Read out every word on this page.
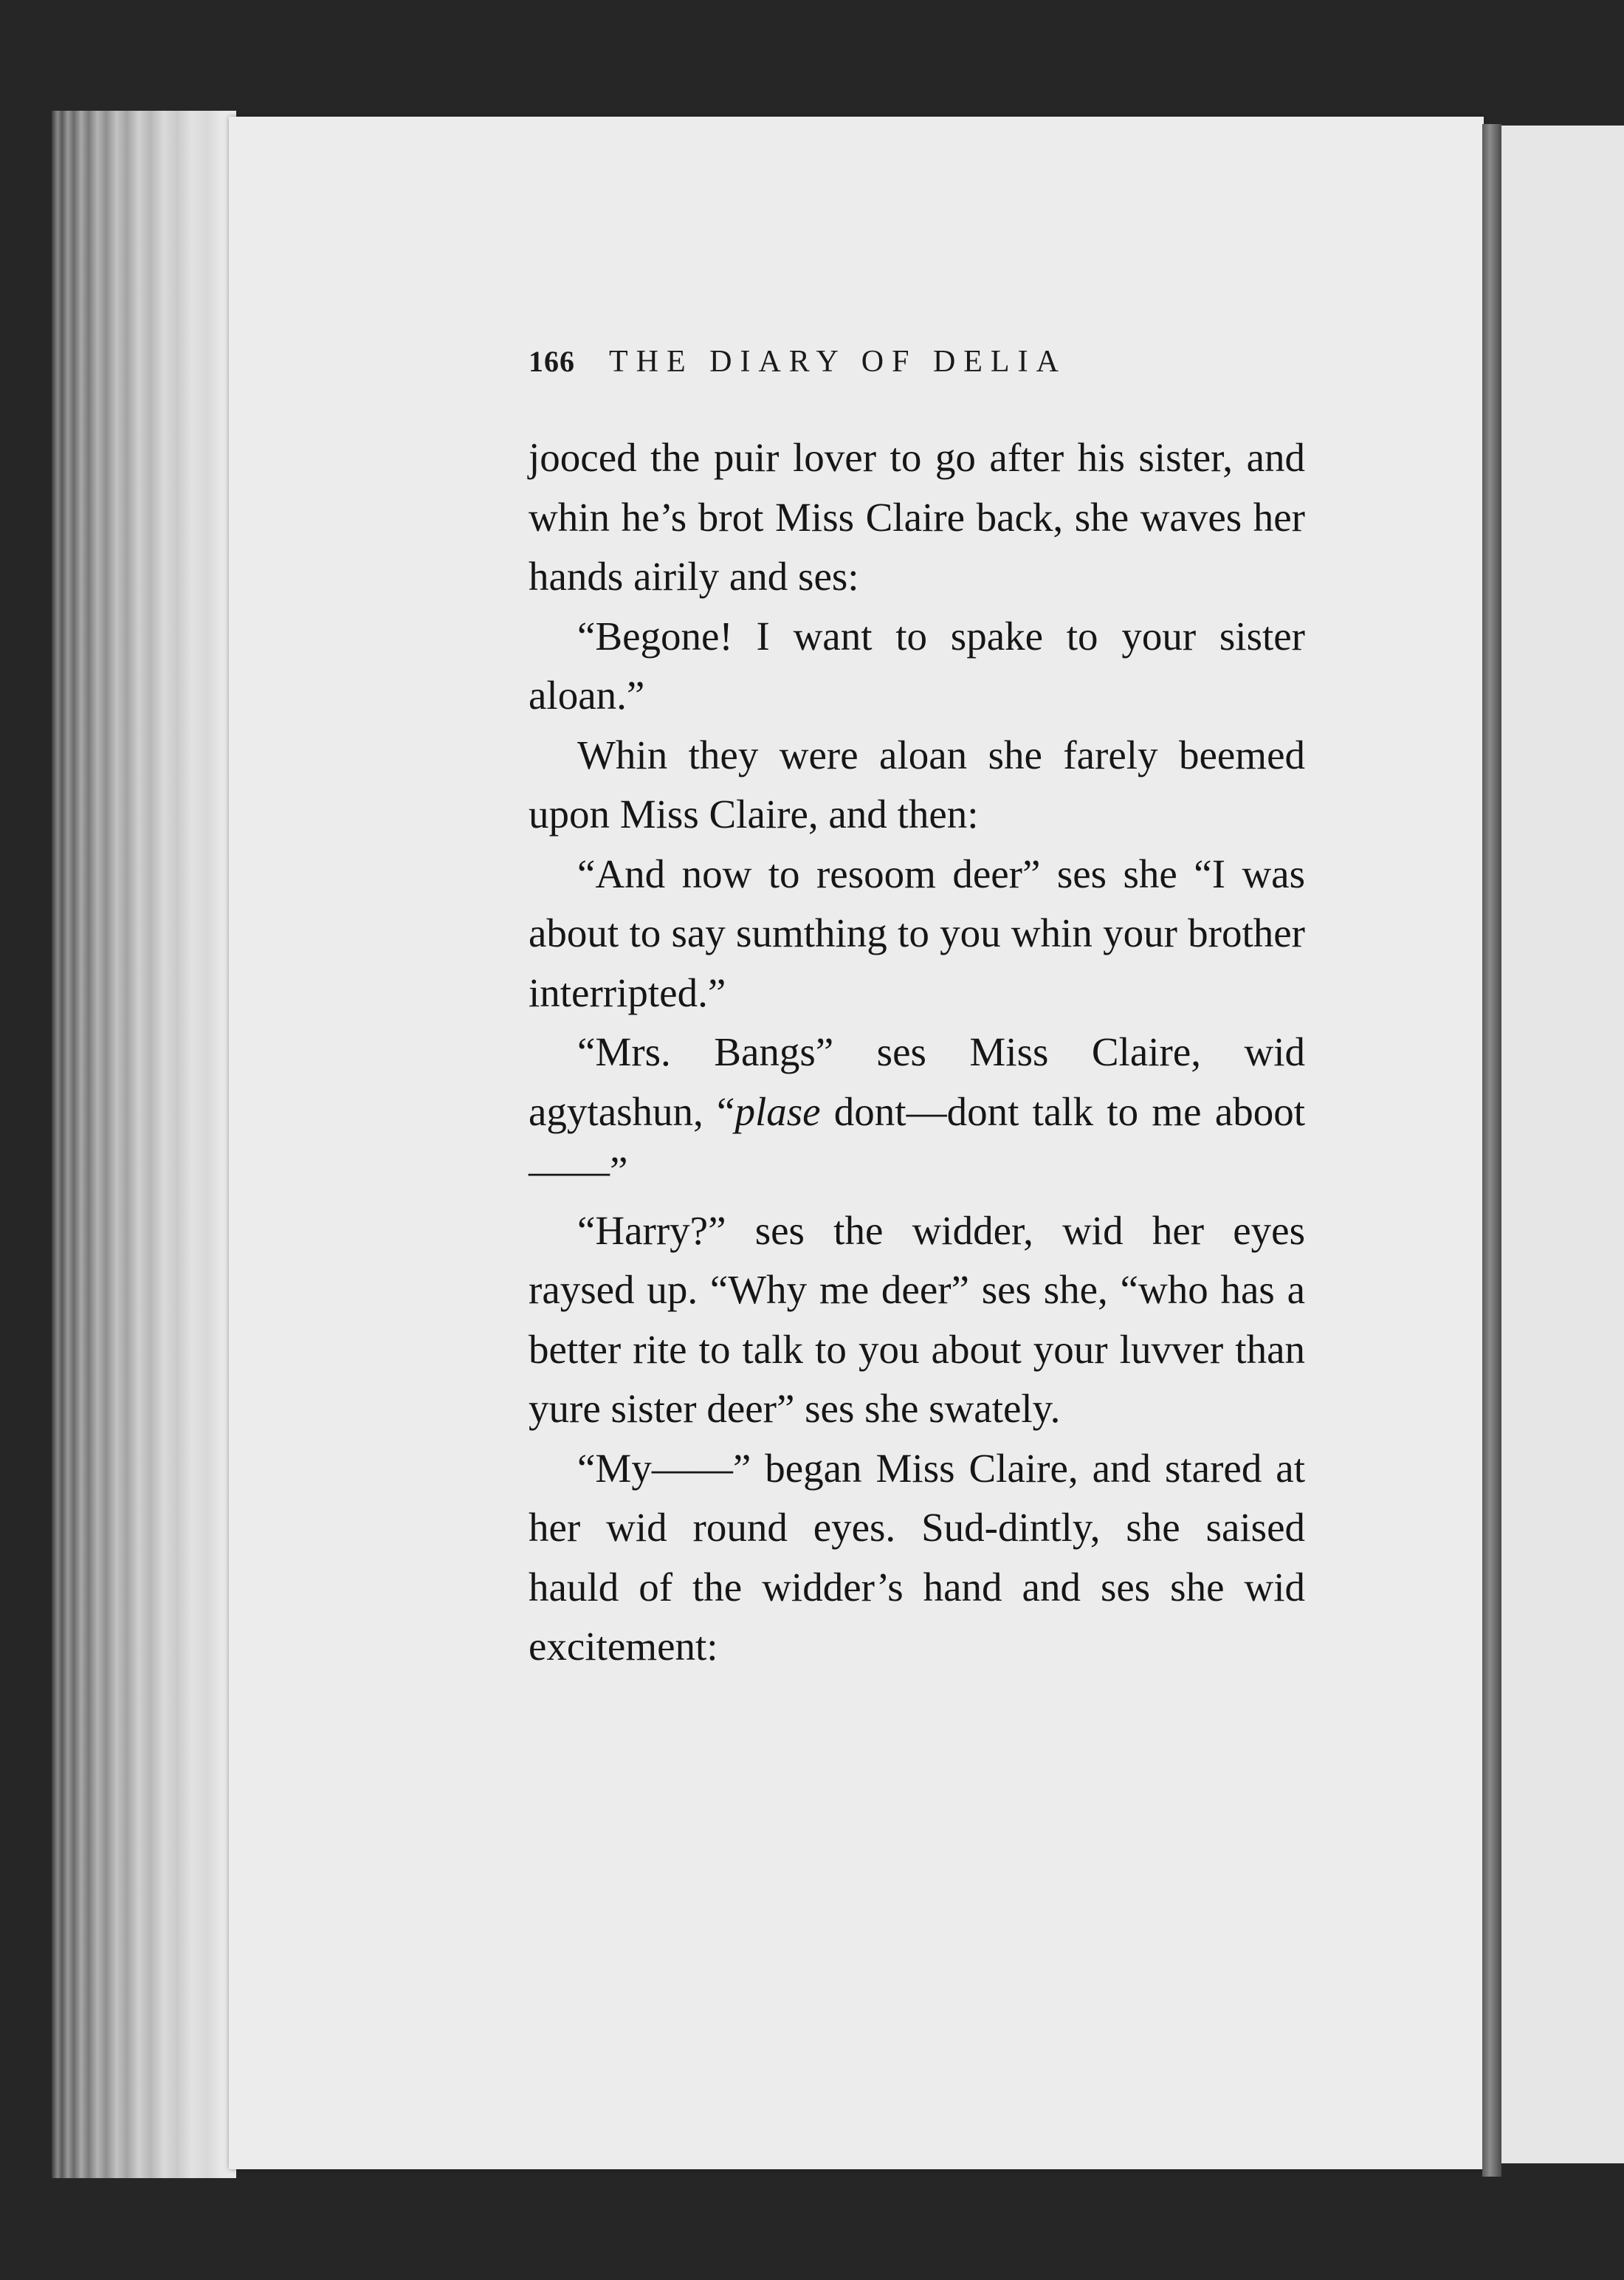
166 THE DIARY OF DELIA

jooced the puir lover to go after his sister, and whin he’s brot Miss Claire back, she waves her hands airily and ses:

“Begone! I want to spake to your sister aloan.”

Whin they were aloan she farely beemed upon Miss Claire, and then:

“And now to resoom deer” ses she “I was about to say sumthing to you whin your brother interripted.”

“Mrs. Bangs” ses Miss Claire, wid agytashun, “plase dont—dont talk to me aboot——”

“Harry?” ses the widder, wid her eyes raysed up. “Why me deer” ses she, “who has a better rite to talk to you about your luvver than yure sister deer” ses she swately.

“My——” began Miss Claire, and stared at her wid round eyes. Sud-dintly, she saised hauld of the widder’s hand and ses she wid excitement:
